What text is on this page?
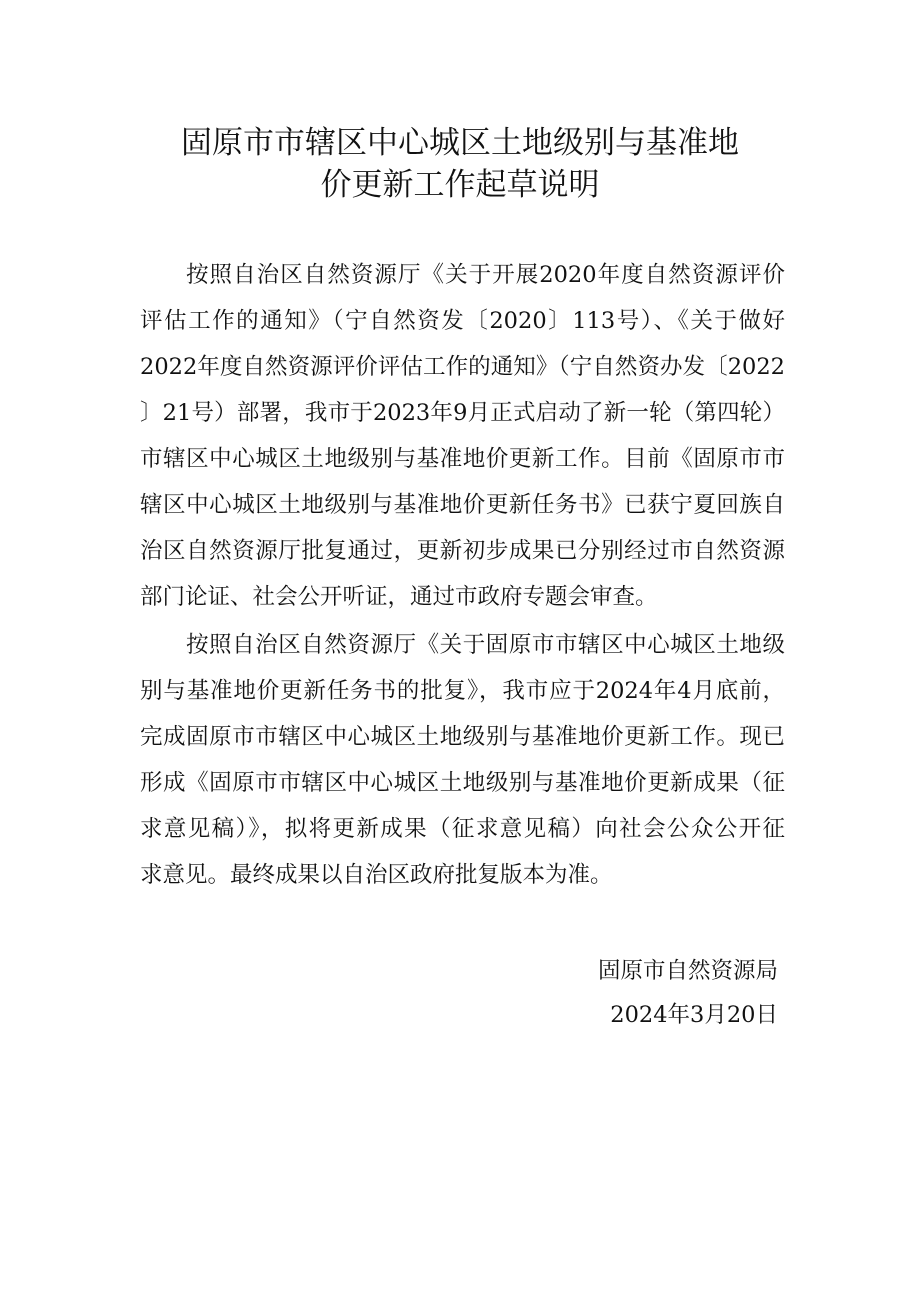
固原市市辖区中心城区土地级别与基准地
价更新工作起草说明
按照自治区自然资源厅《关于开展2020年度自然资源评价
评估工作的通知》（宁自然资发〔2020〕113号）、《关于做好
2022年度自然资源评价评估工作的通知》（宁自然资办发〔2022
〕21号）部署，我市于2023年9月正式启动了新一轮（第四轮）
市辖区中心城区土地级别与基准地价更新工作。目前《固原市市
辖区中心城区土地级别与基准地价更新任务书》已获宁夏回族自
治区自然资源厅批复通过，更新初步成果已分别经过市自然资源
部门论证、社会公开听证，通过市政府专题会审查。
按照自治区自然资源厅《关于固原市市辖区中心城区土地级
别与基准地价更新任务书的批复》，我市应于2024年4月底前，
完成固原市市辖区中心城区土地级别与基准地价更新工作。现已
形成《固原市市辖区中心城区土地级别与基准地价更新成果（征
求意见稿）》，拟将更新成果（征求意见稿）向社会公众公开征
求意见。最终成果以自治区政府批复版本为准。
固原市自然资源局
2024年3月20日
